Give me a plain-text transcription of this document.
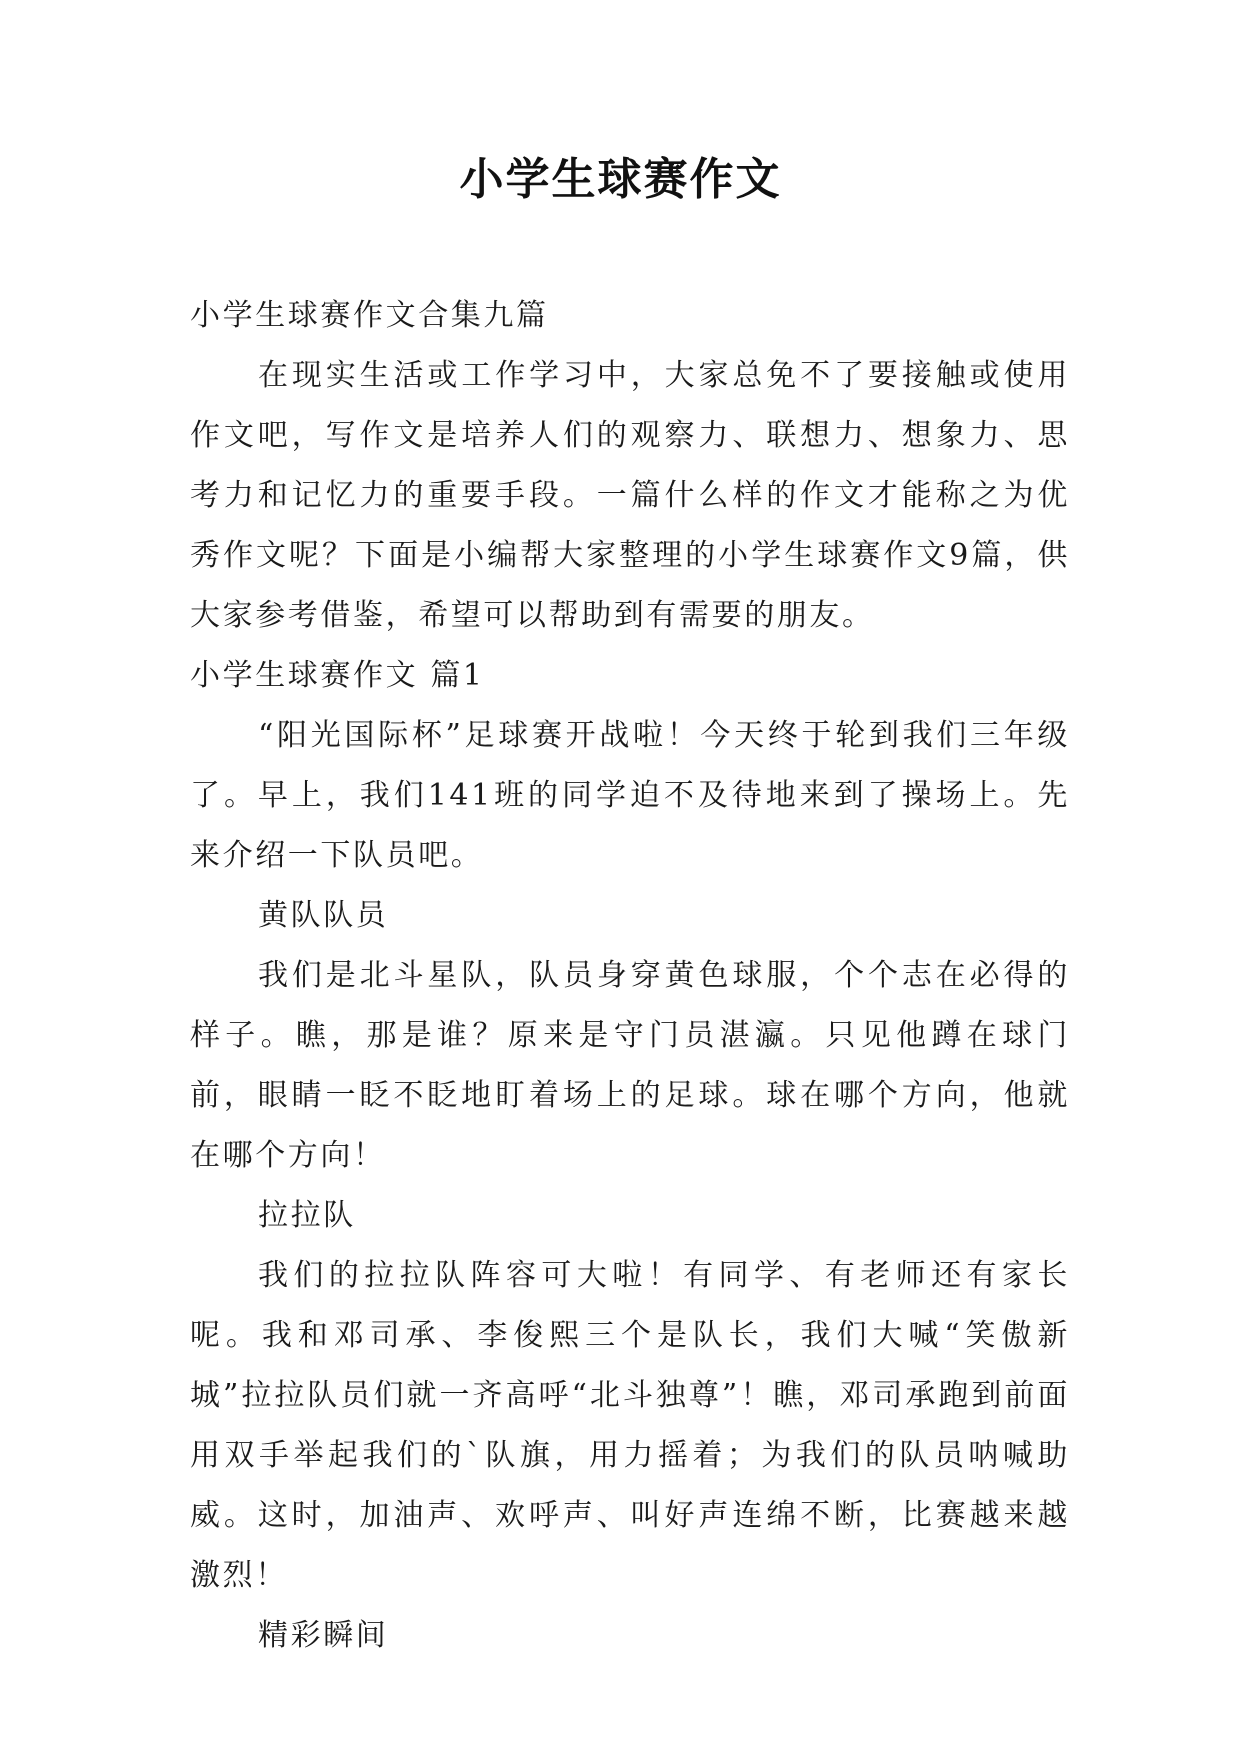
小学生球赛作文

小学生球赛作文合集九篇

在现实生活或工作学习中，大家总免不了要接触或使用作文吧，写作文是培养人们的观察力、联想力、想象力、思考力和记忆力的重要手段。一篇什么样的作文才能称之为优秀作文呢？下面是小编帮大家整理的小学生球赛作文9篇，供大家参考借鉴，希望可以帮助到有需要的朋友。

小学生球赛作文 篇1

“阳光国际杯”足球赛开战啦！今天终于轮到我们三年级了。早上，我们141班的同学迫不及待地来到了操场上。先来介绍一下队员吧。

黄队队员

我们是北斗星队，队员身穿黄色球服，个个志在必得的样子。瞧，那是谁？原来是守门员湛瀛。只见他蹲在球门前，眼睛一眨不眨地盯着场上的足球。球在哪个方向，他就在哪个方向！

拉拉队

我们的拉拉队阵容可大啦！有同学、有老师还有家长呢。我和邓司承、李俊熙三个是队长，我们大喊“笑傲新城”拉拉队员们就一齐高呼“北斗独尊”！瞧，邓司承跑到前面用双手举起我们的`队旗，用力摇着；为我们的队员呐喊助威。这时，加油声、欢呼声、叫好声连绵不断，比赛越来越激烈！

精彩瞬间
